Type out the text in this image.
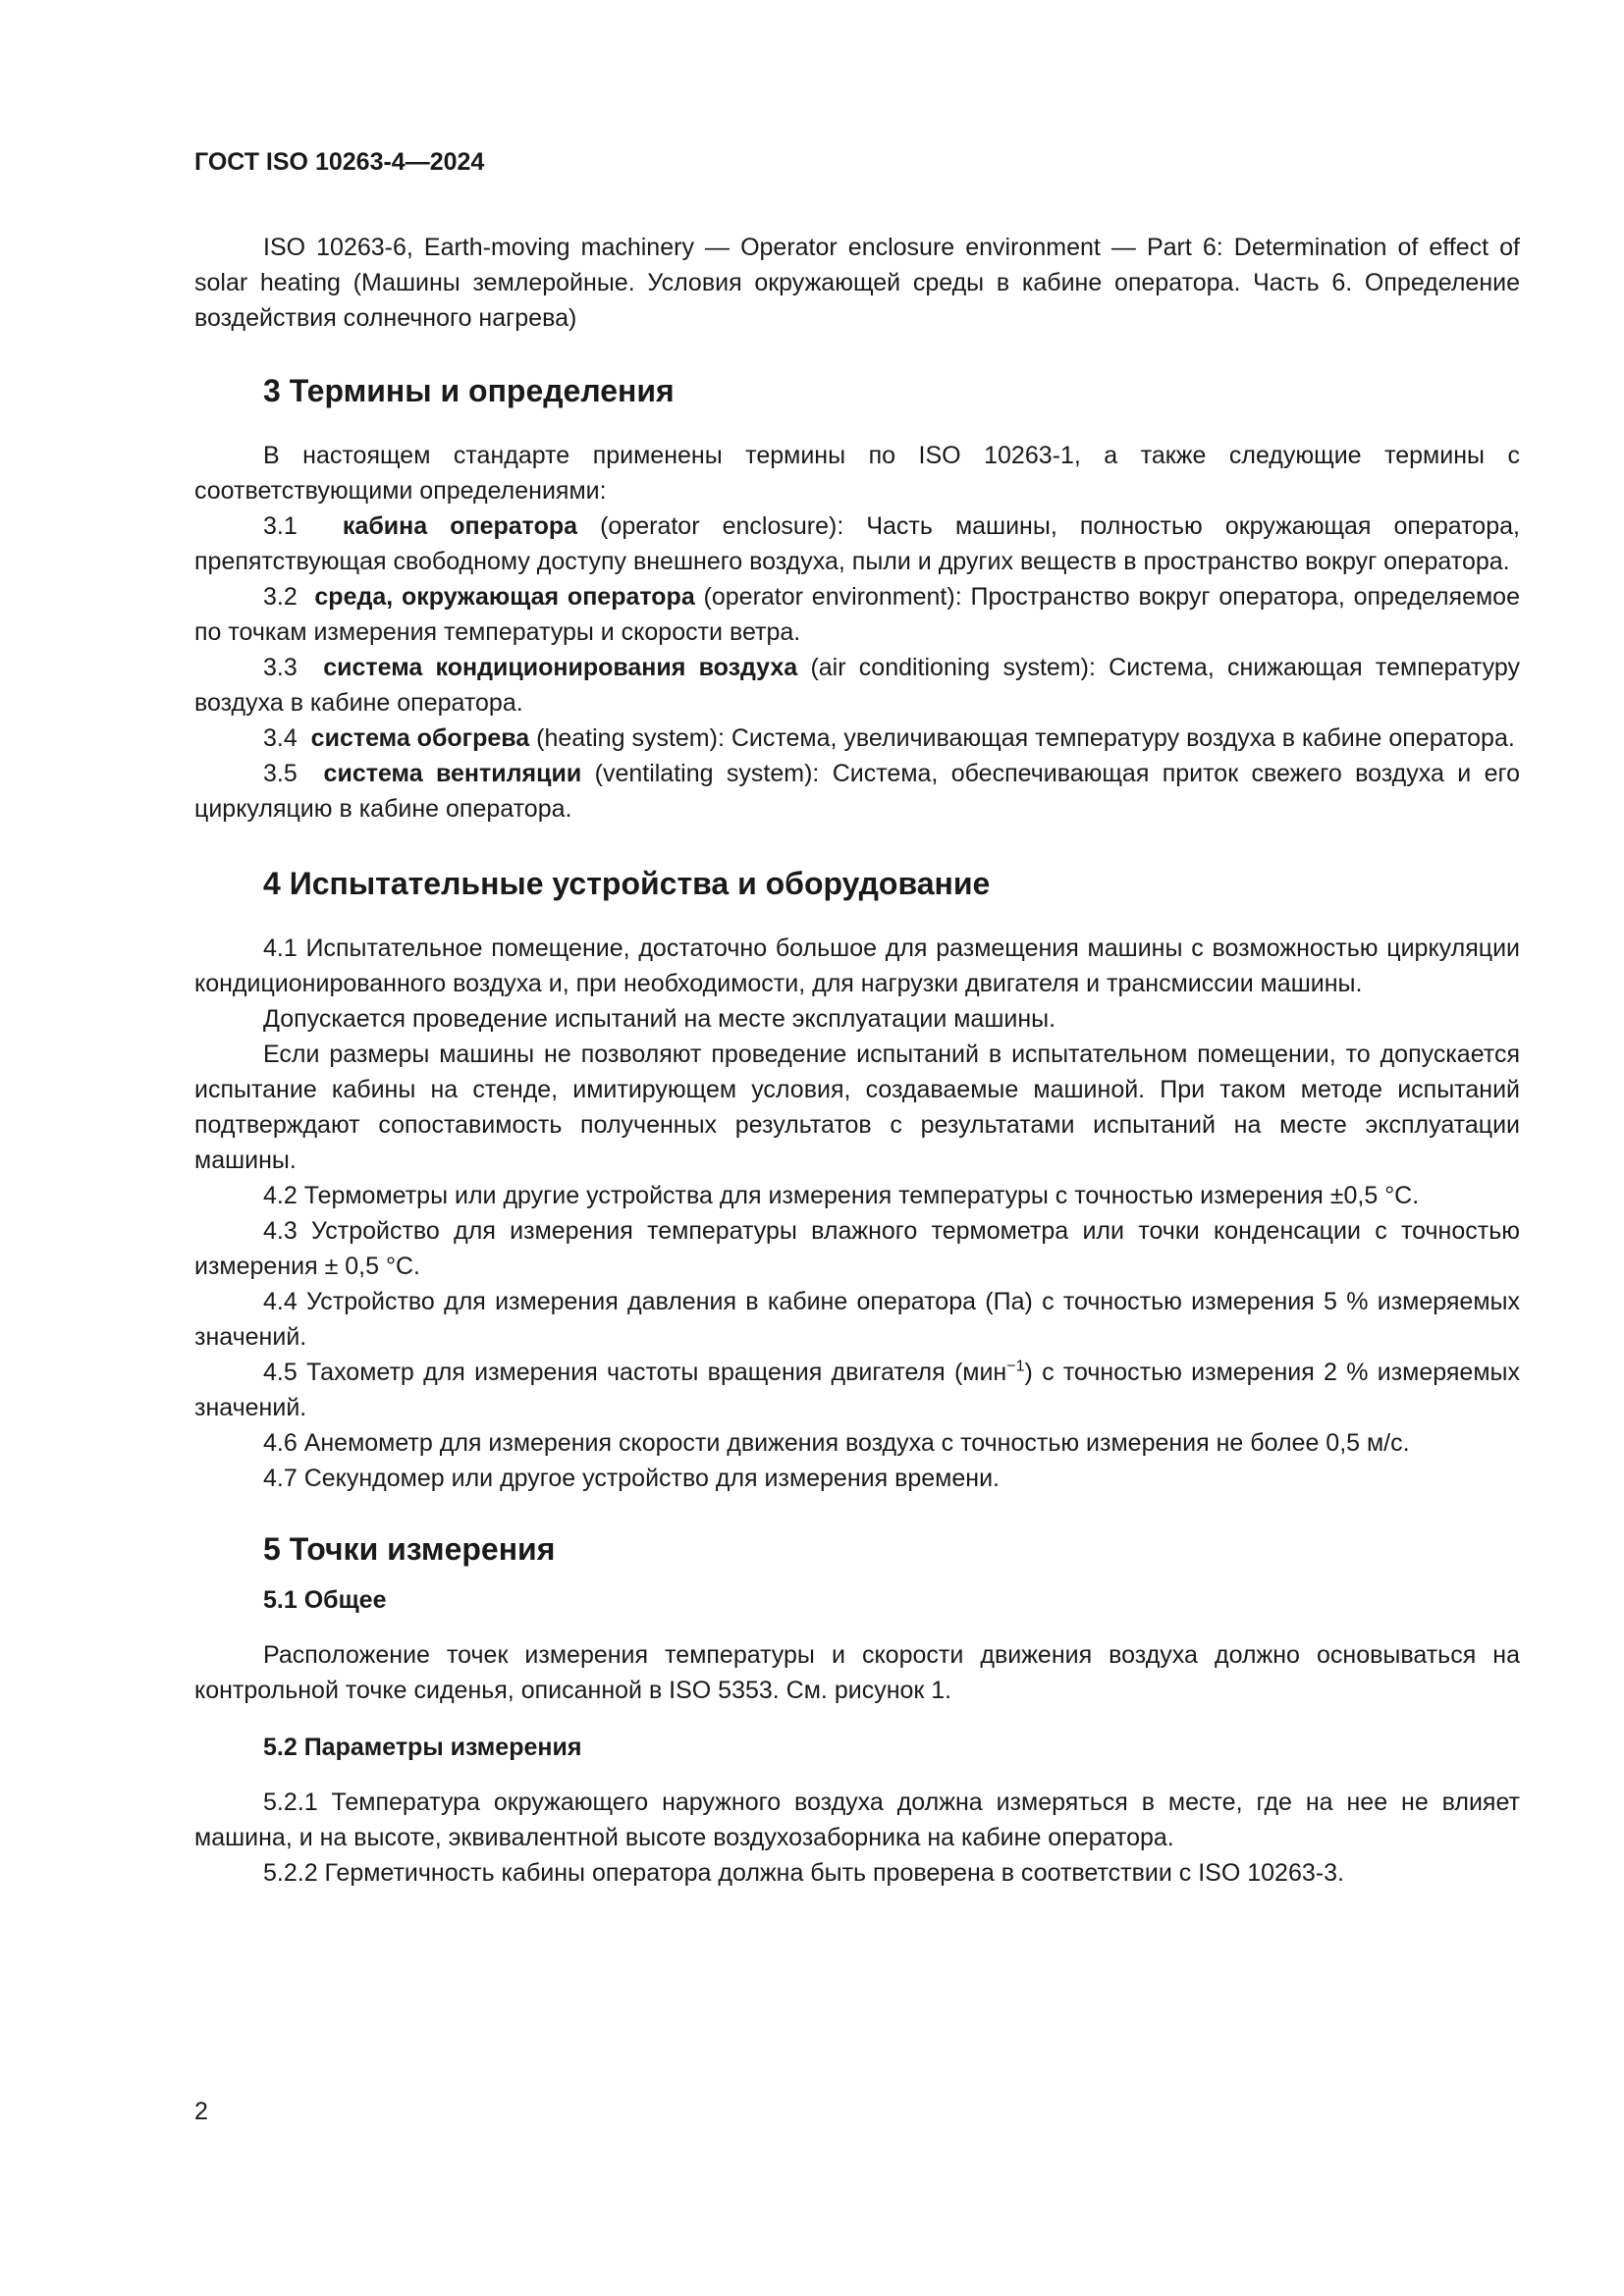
ГОСТ ISO 10263-4—2024

ISO 10263-6, Earth-moving machinery — Operator enclosure environment — Part 6: Determination of effect of solar heating (Машины землеройные. Условия окружающей среды в кабине оператора. Часть 6. Определение воздействия солнечного нагрева)

3 Термины и определения

В настоящем стандарте применены термины по ISO 10263-1, а также следующие термины с соответствующими определениями:

3.1 кабина оператора (operator enclosure): Часть машины, полностью окружающая оператора, препятствующая свободному доступу внешнего воздуха, пыли и других веществ в пространство вокруг оператора.

3.2 среда, окружающая оператора (operator environment): Пространство вокруг оператора, определяемое по точкам измерения температуры и скорости ветра.

3.3 система кондиционирования воздуха (air conditioning system): Система, снижающая температуру воздуха в кабине оператора.

3.4 система обогрева (heating system): Система, увеличивающая температуру воздуха в кабине оператора.

3.5 система вентиляции (ventilating system): Система, обеспечивающая приток свежего воздуха и его циркуляцию в кабине оператора.

4 Испытательные устройства и оборудование

4.1 Испытательное помещение, достаточно большое для размещения машины с возможностью циркуляции кондиционированного воздуха и, при необходимости, для нагрузки двигателя и трансмиссии машины.

Допускается проведение испытаний на месте эксплуатации машины.

Если размеры машины не позволяют проведение испытаний в испытательном помещении, то допускается испытание кабины на стенде, имитирующем условия, создаваемые машиной. При таком методе испытаний подтверждают сопоставимость полученных результатов с результатами испытаний на месте эксплуатации машины.

4.2 Термометры или другие устройства для измерения температуры с точностью измерения ±0,5 °С.

4.3 Устройство для измерения температуры влажного термометра или точки конденсации с точностью измерения ± 0,5 °С.

4.4 Устройство для измерения давления в кабине оператора (Па) с точностью измерения 5 % измеряемых значений.

4.5 Тахометр для измерения частоты вращения двигателя (мин$^{-1}$) с точностью измерения 2 % измеряемых значений.

4.6 Анемометр для измерения скорости движения воздуха с точностью измерения не более 0,5 м/с.

4.7 Секундомер или другое устройство для измерения времени.

5 Точки измерения
5.1 Общее

Расположение точек измерения температуры и скорости движения воздуха должно основываться на контрольной точке сиденья, описанной в ISO 5353. См. рисунок 1.

5.2 Параметры измерения

5.2.1 Температура окружающего наружного воздуха должна измеряться в месте, где на нее не влияет машина, и на высоте, эквивалентной высоте воздухозаборника на кабине оператора.

5.2.2 Герметичность кабины оператора должна быть проверена в соответствии с ISO 10263-3.

2
